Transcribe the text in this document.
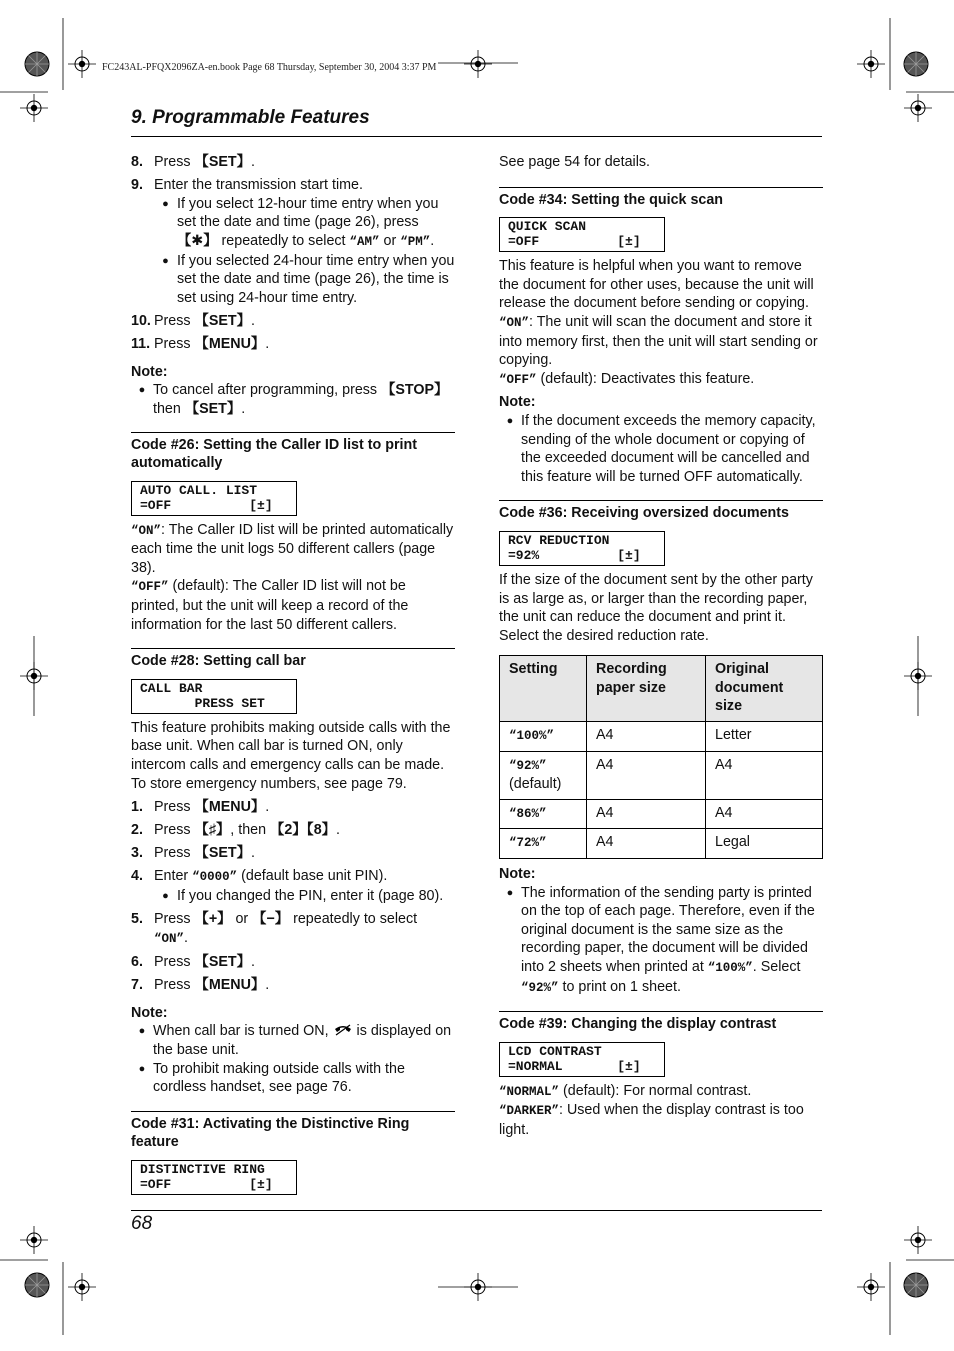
FC243AL-PFQX2096ZA-en.book Page 68 Thursday, September 30, 2004 3:37 PM
9. Programmable Features
8. Press 【SET】.
9. Enter the transmission start time.
● If you select 12-hour time entry when you set the date and time (page 26), press 【✱】 repeatedly to select “AM” or “PM”.
● If you selected 24-hour time entry when you set the date and time (page 26), the time is set using 24-hour time entry.
10. Press 【SET】.
11. Press 【MENU】.
Note:
● To cancel after programming, press 【STOP】 then 【SET】.
Code #26: Setting the Caller ID list to print automatically
AUTO CALL. LIST
=OFF          [±]

“ON”: The Caller ID list will be printed automatically each time the unit logs 50 different callers (page 38).

“OFF” (default): The Caller ID list will not be printed, but the unit will keep a record of the information for the last 50 different callers.

Code #28: Setting call bar
CALL BAR
PRESS SET

This feature prohibits making outside calls with the base unit. When call bar is turned ON, only intercom calls and emergency calls can be made. To store emergency numbers, see page 79.

1. Press 【MENU】.
2. Press 【♯】, then 【2】【8】.
3. Press 【SET】.
4. Enter “0000” (default base unit PIN).
● If you changed the PIN, enter it (page 80).
5. Press 【+】 or 【−】 repeatedly to select “ON”.
6. Press 【SET】.
7. Press 【MENU】.
Note:
● When call bar is turned ON,  is displayed on the base unit.
● To prohibit making outside calls with the cordless handset, see page 76.
Code #31: Activating the Distinctive Ring feature
DISTINCTIVE RING
=OFF          [±]

See page 54 for details.

Code #34: Setting the quick scan
QUICK SCAN
=OFF          [±]

This feature is helpful when you want to remove the document for other uses, because the unit will release the document before sending or copying.

“ON”: The unit will scan the document and store it into memory first, then the unit will start sending or copying.

“OFF” (default): Deactivates this feature.

Note:
● If the document exceeds the memory capacity, sending of the whole document or copying of the exceeded document will be cancelled and this feature will be turned OFF automatically.
Code #36: Receiving oversized documents
RCV REDUCTION
=92%          [±]

If the size of the document sent by the other party is as large as, or larger than the recording paper, the unit can reduce the document and print it. Select the desired reduction rate.

Setting	Recording paper size	Original document size
“100%”	A4	Letter
“92%”
(default)	A4	A4
“86%”	A4	A4
“72%”	A4	Legal
Note:
● The information of the sending party is printed on the top of each page. Therefore, even if the original document is the same size as the recording paper, the document will be divided into 2 sheets when printed at “100%”. Select “92%” to print on 1 sheet.
Code #39: Changing the display contrast
LCD CONTRAST
=NORMAL       [±]

“NORMAL” (default): For normal contrast.

“DARKER”: Used when the display contrast is too light.

68
